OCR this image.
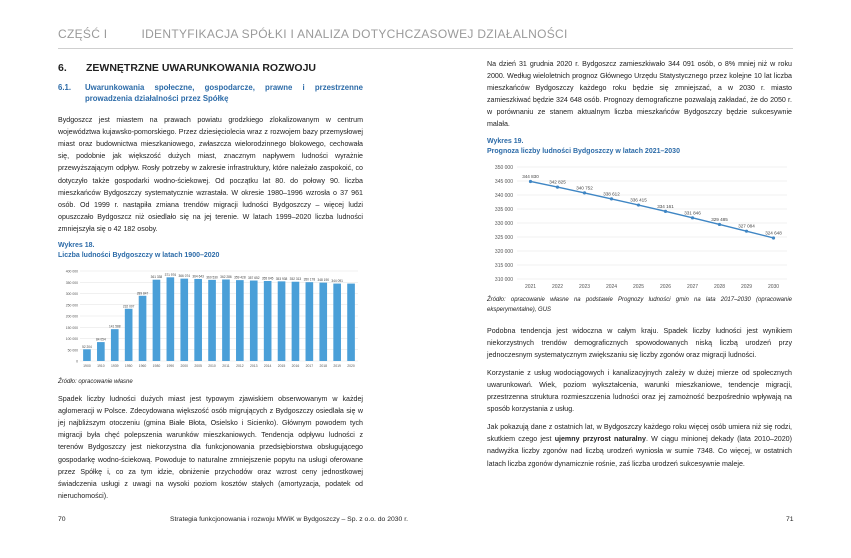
CZĘŚĆ I	IDENTYFIKACJA SPÓŁKI I ANALIZA DOTYCHCZASOWEJ DZIAŁALNOŚCI
6.	ZEWNĘTRZNE UWARUNKOWANIA ROZWOJU
6.1.	Uwarunkowania społeczne, gospodarcze, prawne i przestrzenne prowadzenia działalności przez Spółkę

Bydgoszcz jest miastem na prawach powiatu grodzkiego zlokalizowanym w centrum województwa kujawsko-pomorskiego. Przez dziesięciolecia wraz z rozwojem bazy przemysłowej miast oraz budownictwa mieszkaniowego, zwłaszcza wielorodzinnego blokowego, cechowała się, podobnie jak większość dużych miast, znacznym napływem ludności wyrażnie przewyższającym odpływ. Rosły potrzeby w zakresie infrastruktury, które należało zaspokoić, co dotyczyło także gospodarki wodno-ściekowej. Od początku lat 80. do połowy 90. liczba mieszkańców Bydgoszczy systematycznie wzrastała. W okresie 1980–1996 wzrosła o 37 961 osób. Od 1999 r. nastąpiła zmiana trendów migracji ludności Bydgoszczy – więcej ludzi opuszczało Bydgoszcz niż osiedlało się na jej terenie. W latach 1999–2020 liczba ludności zmniejszyła się o 42 182 osoby.

Wykres 18.
Liczba ludności Bydgoszczy w latach 1900–2020
0
50 000
100 000
150 000
200 000
250 000
300 000
350 000
400 000
52 204
1900
84 054
1910
141 588
1939
232 007
1950
289 847
1960
361 338
1980
371 976
1990
366 074
2000
364 643
2005
360 530
2010
362 286
2011
359 428
2012
357 652
2013
355 645
2014
353 938
2015
352 313
2016
350 178
2017
348 190
2018
344 091
2019 2020
Źródło: opracowanie własne

Spadek liczby ludności dużych miast jest typowym zjawiskiem obserwowanym w każdej aglomeracji w Polsce. Zdecydowana większość osób migrujących z Bydgoszczy osiedlała się w jej najbliższym otoczeniu (gmina Białe Błota, Osielsko i Sicienko). Głównym powodem tych migracji była chęć polepszenia warunków mieszkaniowych. Tendencja odpływu ludności z terenów Bydgoszczy jest niekorzystna dla funkcjonowania przedsiębiorstwa obsługującego gospodarkę wodno-ściekową. Powoduje to naturalne zmniejszenie popytu na usługi oferowane przez Spółkę i, co za tym idzie, obniżenie przychodów oraz wzrost ceny jednostkowej świadczenia usługi z uwagi na wysoki poziom kosztów stałych (amortyzacja, podatek od nieruchomości).

Na dzień 31 grudnia 2020 r. Bydgoszcz zamieszkiwało 344 091 osób, o 8% mniej niż w roku 2000. Według wieloletnich prognoz Głównego Urzędu Statystycznego przez kolejne 10 lat liczba mieszkańców Bydgoszczy każdego roku będzie się zmniejszać, a w 2030 r. miasto zamieszkiwać będzie 324 648 osób. Prognozy demograficzne pozwalają zakładać, że do 2050 r. w porównaniu ze stanem aktualnym liczba mieszkańców Bydgoszczy będzie sukcesywnie malała.

Wykres 19.
Prognoza liczby ludności Bydgoszczy w latach 2021–2030
310 000
315 000
320 000
325 000
330 000
335 000
340 000
345 000
350 000
344 830
2021
342 825
2022
340 752
2023
338 612
2024
336 415
2025
334 161
2026
331 846
2027
329 485
2028
327 084
2029
324 648
2030
Źródło: opracowanie własne na podstawie Prognozy ludności gmin na lata 2017–2030 (opracowanie eksperymentalne), GUS

Podobna tendencja jest widoczna w całym kraju. Spadek liczby ludności jest wynikiem niekorzystnych trendów demograficznych spowodowanych niską liczbą urodzeń przy jednoczesnym systematycznym zwiększaniu się liczby zgonów oraz migracji ludności.

Korzystanie z usług wodociągowych i kanalizacyjnych zależy w dużej mierze od społecznych uwarunkowań. Wiek, poziom wykształcenia, warunki mieszkaniowe, tendencje migracji, przestrzenna struktura rozmieszczenia ludności oraz jej zamożność bezpośrednio wpływają na sposób korzystania z usług.

Jak pokazują dane z ostatnich lat, w Bydgoszczy każdego roku więcej osób umiera niż się rodzi, skutkiem czego jest ujemny przyrost naturalny. W ciągu minionej dekady (lata 2010–2020) nadwyżka liczby zgonów nad liczbą urodzeń wyniosła w sumie 7348. Co więcej, w ostatnich latach liczba zgonów dynamicznie rośnie, zaś liczba urodzeń sukcesywnie maleje.

70	Strategia funkcjonowania i rozwoju MWiK w Bydgoszczy – Sp. z o.o. do 2030 r.	71
